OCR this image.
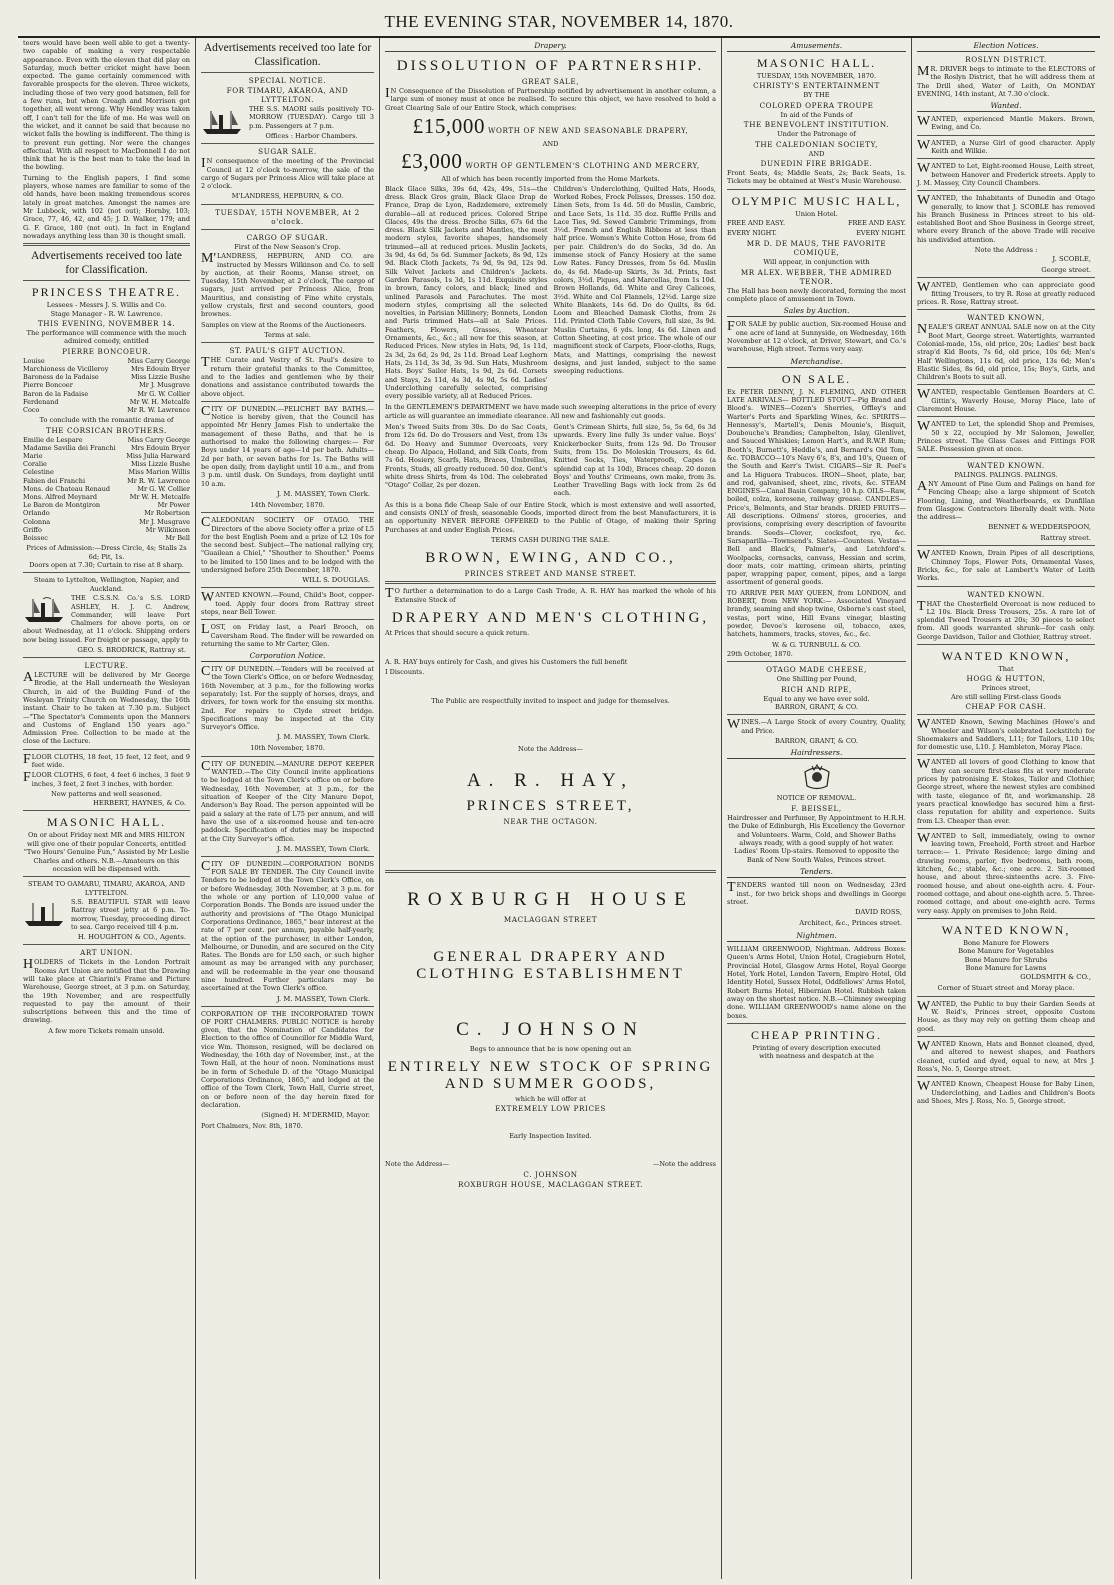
THE EVENING STAR, NOVEMBER 14, 1870.
teers would have been well able to get a twenty-two capable of making a very respectable appearance. Even with the eleven that did play on Saturday, much better cricket might have been expected. The game certainly commenced with favorable prospects for the eleven. Three wickets, including those of two very good batsmen, fell for a few runs, but when Creagh and Morrison got together, all went wrong. Why Hendley was taken off, I can't tell for the life of me. He was well on the wicket, and it cannot be said that because no wicket falls the bowling is indifferent. The thing is to prevent run getting. Nor were the changes effectual. With all respect to MacDonnell I do not think that he is the best man to take the lead in the bowling.
Turning to the English papers, I find some players, whose names are familiar to some of the old hands, have been making tremendous scores lately in great matches. Amongst the names are Mr Lubbock, with 102 (not out); Hornby, 103; Grace, 77, 46, 42, and 45; J. D. Walker, 179; and G. F. Grace, 180 (not out). In fact in England nowadays anything less than 30 is thought small.
Advertisements received too late for Classification.
PRINCESS THEATRE.
Lessees - Messrs J. S. Willis and Co.
Stage Manager - R. W. Lawrence.
THIS EVENING, NOVEMBER 14.
The performance will commence with the much admired comedy, entitled
PIERRE BONCOEUR.
Louise	Miss Carry George
Marchioness de Vicilleroy	Mrs Edouin Bryer
Baroness de la Fadaise	Miss Lizzie Bushe
Pierre Boncoer	Mr J. Musgrave
Baron de la Fadaise	Mr G. W. Collier
Ferdenand	Mr W. H. Metcalfe
Coco	Mr R. W. Lawrence
To conclude with the romantic drama of
THE CORSICAN BROTHERS.
Emilie de Lespare	Miss Carry George
Madame Savilia dei Franchi Mrs Edouin Bryer
Marie	Miss Julia Harward
Coralie	Miss Lizzie Bushe
Celestine	Miss Marion Willis
Fabien dei Franchi	Mr R. W. Lawrence
Mons. de Chateau Renaud	Mr G. W. Collier
Mons. Alfred Meynard	Mr W. H. Metcalfe
Le Baron de Montgiron	Mr Power
Orlando	Mr Robertson
Colonna	Mr J. Musgrave
Griffo	Mr Wilkinson
Boissec	Mr Bell
Prices of Admission:—Dress Circle, 4s; Stalls 2s 6d; Pit, 1s.
Doors open at 7.30; Curtain to rise at 8 sharp.
Steam to Lyttelton, Wellington, Napier, and Auckland.
THE C.S.S.N. Co.'s S.S. LORD ASHLEY, H. J. C. Andrew, Commander, will leave Port Chalmers for above ports, on or about Wednesday, at 11 o'clock. Shipping orders now being issued. For freight or passage, apply to
GEO. S. BRODRICK, Rattray st.
LECTURE.
ALECTURE will be delivered by Mr George Brodie, at the Hall underneath the Wesleyan Church, in aid of the Building Fund of the Wesleyan Trinity Church on Wednesday, the 16th instant. Chair to be taken at 7.30 p.m. Subject—"The Spectator's Comments upon the Manners and Customs of England 150 years ago." Admission Free. Collection to be made at the close of the Lecture.
FLOOR CLOTHS, 18 feet, 15 feet, 12 feet, and 9 feet wide.
FLOOR CLOTHS, 6 feet, 4 feet 6 inches, 3 feet 9 inches, 3 feet, 2 feet 3 inches, with border.
New patterns and well seasoned.
HERBERT, HAYNES, & Co.
MASONIC HALL.
On or about Friday next MR and MRS HILTON will give one of their popular Concerts, entitled "Two Hours' Genuine Fun," Assisted by Mr Leslie Charles and others. N.B.—Amateurs on this occasion will be dispensed with.
STEAM TO OAMARU, TIMARU, AKAROA, AND LYTTELTON.
S.S. BEAUTIFUL STAR will leave Rattray street jetty at 6 p.m. To-morrow, Tuesday, proceeding direct to sea. Cargo received till 4 p.m.
H. HOUGHTON & CO., Agents.
ART UNION.
HOLDERS of Tickets in the London Portrait Rooms Art Union are notified that the Drawing will take place at Chiarini's Frame and Picture Warehouse, George street, at 3 p.m. on Saturday, the 19th November, and are respectfully requested to pay the amount of their subscriptions between this and the time of drawing.
A few more Tickets remain unsold.
Advertisements received too late for Classification.
SPECIAL NOTICE.
FOR TIMARU, AKAROA, AND LYTTELTON.
THE S.S. MAORI sails positively TO-MORROW (TUESDAY). Cargo till 3 p.m. Passengers at 7 p.m.
Offices : Harbor Chambers.
SUGAR SALE.
IN consequence of the meeting of the Provincial Council at 12 o'clock to-morrow, the sale of the cargo of Sugars per Princess Alice will take place at 2 o'clock.
M'LANDRESS, HEPBURN, & CO.
TUESDAY, 15TH NOVEMBER, At 2 o'clock.
CARGO OF SUGAR.
First of the New Season's Crop.
M'LANDRESS, HEPBURN, AND CO. are instructed by Messrs Wilkinson and Co. to sell by auction, at their Rooms, Manse street, on Tuesday, 15th November, at 2 o'clock, The cargo of sugars, just arrived per Princess Alice, from Mauritius, and consisting of Fine white crystals, yellow crystals, first and second counters, good brownes.
Samples on view at the Rooms of the Auctioneers.
Terms at sale.
ST. PAUL'S GIFT AUCTION.
THE Curate and Vestry of St. Paul's desire to return their grateful thanks to the Committee, and to the ladies and gentlemen who by their donations and assistance contributed towards the above object.
CITY OF DUNEDIN.—PELICHET BAY BATHS.—Notice is hereby given, that the Council has appointed Mr Henry James Fish to undertake the management of these Baths, and that he is authorised to make the following charges:— For Boys under 14 years of age—1d per bath. Adults—2d per bath, or seven baths for 1s. The Baths will be open daily, from daylight until 10 a.m., and from 3 p.m. until dusk. On Sundays, from daylight until 10 a.m.
J. M. MASSEY, Town Clerk.
14th November, 1870.
CALEDONIAN SOCIETY OF OTAGO. THE Directors of the above Society offer a prize of L5 for the best English Poem and a prize of L2 10s for the second best. Subject—The national rallying cry, "Guailean a Chiel," "Shouther to Shouther." Poems to be limited to 150 lines and to be lodged with the undersigned before 25th December, 1870.
WILL S. DOUGLAS.
WANTED KNOWN.—Found, Child's Boot, copper-toed. Apply four doors from Rattray street steps, near Bell Tower.
LOST, on Friday last, a Pearl Brooch, on Caversham Road. The finder will be rewarded on returning the same to Mr Carter, Glen.
Corporation Notice.
CITY OF DUNEDIN.—Tenders will be received at the Town Clerk's Office, on or before Wednesday, 16th November, at 3 p.m., for the following works separately; 1st. For the supply of horses, drays, and drivers, for town work for the ensuing six months. 2nd. For repairs to Clyde street bridge. Specifications may be inspected at the City Surveyor's Office.
J. M. MASSEY, Town Clerk.
10th November, 1870.
CITY OF DUNEDIN.—MANURE DEPOT KEEPER WANTED.—The City Council invite applications to be lodged at the Town Clerk's office on or before Wednesday, 16th November, at 3 p.m., for the situation of Keeper of the City Manure Depot, Anderson's Bay Road. The person appointed will be paid a salary at the rate of L75 per annum, and will have the use of a six-roomed house and ten-acre paddock. Specification of duties may be inspected at the City Surveyor's office.
J. M. MASSEY, Town Clerk.
CITY OF DUNEDIN.—CORPORATION BONDS FOR SALE BY TENDER. The City Council invite Tenders to be lodged at the Town Clerk's Office, on or before Wednesday, 30th November, at 3 p.m. for the whole or any portion of L10,000 value of Corporation Bonds. The Bonds are issued under the authority and provisions of "The Otago Municipal Corporations Ordinance, 1865," bear interest at the rate of 7 per cent. per annum, payable half-yearly, at the option of the purchaser, in either London, Melbourne, or Dunedin, and are secured on the City Rates. The Bonds are for L50 each, or such higher amount as may be arranged with any purchaser, and will be redeemable in the year one thousand nine hundred. Further particulars may be ascertained at the Town Clerk's office.
J. M. MASSEY, Town Clerk.
CORPORATION OF THE INCORPORATED TOWN OF PORT CHALMERS. PUBLIC NOTICE is hereby given, that the Nomination of Candidates for Election to the office of Councillor for Middle Ward, vice Wm. Thomson, resigned, will be declared on Wednesday, the 16th day of November, inst., at the Town Hall, at the hour of noon. Nominations must be in form of Schedule D. of the "Otago Municipal Corporations Ordinance, 1865," and lodged at the office of the Town Clerk, Town Hall, Currie street, on or before noon of the day herein fixed for declaration.
(Signed) H. M'DERMID, Mayor.
Port Chalmers, Nov. 8th, 1870.
Drapery.
DISSOLUTION OF PARTNERSHIP.
GREAT SALE,
IN Consequence of the Dissolution of Partnership notified by advertisement in another column, a large sum of money must at once be realised. To secure this object, we have resolved to hold a Great Clearing Sale of our Entire Stock, which comprises:
£15,000 WORTH OF NEW AND SEASONABLE DRAPERY,
AND
£3,000 WORTH OF GENTLEMEN'S CLOTHING AND MERCERY,
All of which has been recently imported from the Home Markets.
Black Glace Silks, 39s 6d, 42s, 49s, 51s—the dress. Black Gros grain, Black Glace Drap de France, Drap de Lyon, Radzdemere, extremely durable—all at reduced prices. Colored Stripe Glaces, 49s the dress. Broche Silks, 67s 6d the dress. Black Silk Jackets and Mantles, the most modern styles, favorite shapes, handsomely trimmed—all at reduced prices. Muslin Jackets, 3s 9d, 4s 6d, 5s 6d. Summer Jackets, 8s 9d, 12s 9d. Black Cloth Jackets, 7s 9d, 9s 9d, 12s 9d. Silk Velvet Jackets and Children's Jackets. Garden Parasols, 1s 3d, 1s 11d. Exquisite styles in brown, fancy colors, and black; lined and unlined Parasols and Parachutes. The most modern styles, comprising all the selected novelties, in Parisian Millinery; Bonnets, London and Paris trimmed Hats—all at Sale Prices. Feathers, Flowers, Grasses, Wheatear Ornaments, &c., &c.; all new for this season, at Reduced Prices. New styles in Hats, 9d, 1s 11d, 2s 3d, 2s 6d, 2s 9d, 2s 11d. Broad Leaf Leghorn Hats, 2s 11d, 3s 3d, 3s 9d. Sun Hats, Mushroom Hats. Boys' Sailor Hats, 1s 9d, 2s 6d. Corsets and Stays, 2s 11d, 4s 3d, 4s 9d, 5s 6d. Ladies' Underclothing carefully selected, comprising every possible variety, all at Reduced Prices.
Children's Underclothing, Quilted Hats, Hoods, Worked Robes, Frock Pelisses, Dresses. 150 doz. Linen Sets, from 1s 4d. 50 do Muslin, Cambric, and Lace Sets, 1s 11d. 35 doz. Ruffle Frills and Lace Ties, 9d. Sewed Cambric Trimmings, from 3½d. French and English Ribbons at less than half price. Women's White Cotton Hose, from 6d per pair. Children's do do Socks, 3d do. An immense stock of Fancy Hosiery at the same Low Rates. Fancy Dresses, from 5s 6d. Muslin do, 4s 6d. Made-up Skirts, 3s 3d. Prints, fast colors, 3½d. Piques, and Marcellas, from 1s 10d. Brown Hollands, 6d. White and Grey Calicoes, 3½d. White and Col Flannels, 12½d. Large size White Blankets, 14s 6d. Do do Quilts, 8s 6d. Loom and Bleached Damask Cloths, from 2s 11d. Printed Cloth Table Covers, full size, 3s 9d. Muslin Curtains, 6 yds. long, 4s 6d. Linen and Cotton Sheeting, at cost price. The whole of our magnificent stock of Carpets, Floor-cloths, Rugs, Mats, and Mattings, comprising the newest designs, and just landed, subject to the same sweeping reductions.
In the GENTLEMEN'S DEPARTMENT we have made such sweeping alterations in the price of every article as will guarantee an immediate clearance. All new and fashionably cut goods.
Men's Tweed Suits from 30s. Do do Sac Coats, from 12s 6d. Do do Trousers and Vest, from 13s 6d. Do Heavy and Summer Overcoats, very cheap. Do Alpaca, Holland, and Silk Coats, from 7s 6d. Hosiery, Scarfs, Hats, Braces, Umbrellas, Fronts, Studs, all greatly reduced. 50 doz. Gent's white dress Shirts, from 4s 10d. The celebrated "Otago" Collar, 2s per dozen.
Gent's Crimean Shirts, full size, 5s, 5s 6d, 6s 3d upwards. Every line fully 3s under value. Boys' Knickerbocker Suits, from 12s 9d. Do Trouser Suits, from 15s. Do Moleskin Trousers, 4s 6d. Knitted Socks, Ties, Waterproofs, Capes (a splendid cap at 1s 10d), Braces cheap. 20 dozen Boys' and Youths' Crimeans, own make, from 3s. Leather Travelling Bags with lock from 2s 6d each.
As this is a bona fide Cheap Sale of our Entire Stock, which is most extensive and well assorted, and consists ONLY of fresh, seasonable Goods, imported direct from the best Manufacturers, it is an opportunity NEVER BEFORE OFFERED to the Public of Otago, of making their Spring Purchases at and under English Prices.
TERMS CASH DURING THE SALE.
BROWN, EWING, AND CO.,
PRINCES STREET AND MANSE STREET.
TO further a determination to do a Large Cash Trade, A. R. HAY has marked the whole of his Extensive Stock of
DRAPERY AND MEN'S CLOTHING,
At Prices that should secure a quick return.
A. R. HAY buys entirely for Cash, and gives his Customers the full benefit
I Discounts.
The Public are respectfully invited to inspect and judge for themselves.
Note the Address—
A. R. HAY,
PRINCES STREET,
NEAR THE OCTAGON.
ROXBURGH HOUSE
MACLAGGAN STREET
GENERAL DRAPERY AND CLOTHING ESTABLISHMENT
C. JOHNSON
Begs to announce that he is now opening out an
ENTIRELY NEW STOCK OF SPRING AND SUMMER GOODS,
which he will offer at
EXTREMELY LOW PRICES
Early Inspection Invited.
Note the Address—	—Note the address
C. JOHNSON
ROXBURGH HOUSE, MACLAGGAN STREET.
Amusements.
MASONIC HALL.
TUESDAY, 15th NOVEMBER, 1870.
CHRISTY'S ENTERTAINMENT
BY THE
COLORED OPERA TROUPE
In aid of the Funds of
THE BENEVOLENT INSTITUTION.
Under the Patronage of
THE CALEDONIAN SOCIETY,
AND
DUNEDIN FIRE BRIGADE.
Front Seats, 4s; Middle Seats, 2s; Back Seats, 1s. Tickets may be obtained at West's Music Warehouse.
OLYMPIC MUSIC HALL,
Union Hotel.
FREE AND EASY.	FREE AND EASY.
EVERY NIGHT.	EVERY NIGHT.
MR D. DE MAUS, THE FAVORITE COMIQUE,
Will appear, in conjunction with
MR ALEX. WEBBER, THE ADMIRED TENOR.
The Hall has been newly decorated, forming the most complete place of amusement in Town.
Sales by Auction.
FOR SALE by public auction, Six-roomed House and one acre of land at Sunnyside, on Wednesday, 16th November at 12 o'clock, at Driver, Stewart, and Co.'s warehouse, High street. Terms very easy.
Merchandise.
ON SALE.
Ex PETER DENNY, J. N. FLEMING, AND OTHER LATE ARRIVALS— BOTTLED STOUT—Pig Brand and Blood's. WINES—Cozen's Sherries, Offley's and Warter's Ports and Sparkling Wines, &c. SPIRITS—Hennessy's, Martell's, Denis Mounie's, Bisquit, Doubouche's Brandies; Campbelton, Islay, Glenlivet, and Sauced Whiskies; Lemon Hart's, and R.W.P. Rum; Booth's, Burnett's, Heddle's, and Bernard's Old Tom, &c. TOBACCO—10's Navy 6's, 8's, and 10's, Queen of the South and Kerr's Twist. CIGARS—Sir R. Peel's and La Higuera Trabucos. IRON—Sheet, plate, bar, and rod, galvanised, sheet, zinc, rivets, &c. STEAM ENGINES—Canal Basin Company, 10 h.p. OILS—Raw, boiled, colza, kerosene, railway grease. CANDLES—Price's, Belmonts, and Star brands. DRIED FRUITS—All descriptions. Oilmens' stores, groceries, and provisions, comprising every description of favourite brands. Seeds—Clover, cocksfoot, rye, &c. Sarsaparilla—Townsend's. Slates—Countess. Vestas—Bell and Black's, Palmer's, and Letchford's. Woolpacks, cornsacks, canvass, Hessian and scrim, door mats, coir matting, crimean shirts, printing paper, wrapping paper, cement, pipes, and a large assortment of general goods.
TO ARRIVE PER MAY QUEEN, from LONDON, and ROBERT, from NEW YORK:— Associated Vineyard brandy, seaming and shop twine, Osborne's cast steel, vestas, port wine, Hill Evans vinegar, blasting powder, Devoe's kerosene oil, tobacco, axes, hatchets, hammers, tracks, stoves, &c., &c.
W. & G. TURNBULL & CO.
29th October, 1870.
OTAGO MADE CHEESE,
One Shilling per Pound,
RICH AND RIPE,
Equal to any we have ever sold.
BARRON, GRANT, & CO.
WINES.—A Large Stock of every Country, Quality, and Price.
BARRON, GRANT, & CO.
Hairdressers.
NOTICE OF REMOVAL.
F. BEISSEL,
Hairdresser and Perfumer, By Appointment to H.R.H. the Duke of Edinburgh, His Excellency the Governor and Volunteers. Warm, Cold, and Shower Baths always ready, with a good supply of hot water. Ladies' Room Up-stairs. Removed to opposite the Bank of New South Wales, Princes street.
Tenders.
TENDERS wanted till noon on Wednesday, 23rd inst., for two brick shops and dwellings in George street.
DAVID ROSS,
Architect, &c., Princes street.
Nightmen.
WILLIAM GREENWOOD, Nightman. Address Boxes: Queen's Arms Hotel, Union Hotel, Cragieburn Hotel, Provincial Hotel, Glasgow Arms Hotel, Royal George Hotel, York Hotel, London Tavern, Empire Hotel, Old Identity Hotel, Sussex Hotel, Oddfellows' Arms Hotel, Robert Burns Hotel, Hibernian Hotel. Rubbish taken away on the shortest notice. N.B.—Chimney sweeping done. WILLIAM GREENWOOD's name alone on the boxes.
CHEAP PRINTING.
Printing of every description executed
with neatness and despatch at the
Election Notices.
ROSLYN DISTRICT.
MR. DRIVER begs to intimate to the ELECTORS of the Roslyn District, that he will address them at The Drill shed, Water of Leith, On MONDAY EVENING, 14th instant, At 7.30 o'clock.
Wanted.
WANTED, experienced Mantle Makers. Brown, Ewing, and Co.
WANTED, a Nurse Girl of good character. Apply Keith and Wilkie.
WANTED to Let, Eight-roomed House, Leith street, between Hanover and Frederick streets. Apply to J. M. Massey, City Council Chambers.
WANTED, the Inhabitants of Dunedin and Otago generally, to know that J. SCOBLE has removed his Branch Business in Princes street to his old-established Boot and Shoe Business in George street, where every Branch of the above Trade will receive his undivided attention.
Note the Address :
J. SCOBLE,
George street.
WANTED, Gentlemen who can appreciate good fitting Trousers, to try R. Rose at greatly reduced prices. R. Rose, Rattray street.
WANTED KNOWN,
NEALE'S GREAT ANNUAL SALE now on at the City Boot Mart, George street. Watertights, warranted Colonial-made, 15s, old price, 20s; Ladies' best back strap'd Kid Boots, 7s 6d, old price, 10s 6d; Men's Half Wellingtons, 11s 6d, old price, 13s 6d; Men's Elastic Sides, 8s 6d, old price, 15s; Boy's, Girls, and Children's Boots to suit all.
WANTED, respectable Gentlemen Boarders at C. Gittin's, Waverly House, Moray Place, late of Claremont House.
WANTED to Let, the splendid Shop and Premises, 50 x 22, occupied by Mr Salomon, Jeweller, Princes street. The Glass Cases and Fittings FOR SALE. Possession given at once.
WANTED KNOWN.
PALINGS. PALINGS. PALINGS.
ANY Amount of Pine Gum and Palings on hand for Fencing Cheap; also a large shipment of Scotch Flooring, Lining, and Weatherboards, ex Dunfillan from Glasgow. Contractors liberally dealt with. Note the address—
BENNET & WEDDERSPOON,
Rattray street.
WANTED Known, Drain Pipes of all descriptions, Chimney Tops, Flower Pots, Ornamental Vases, Bricks, &c., for sale at Lambert's Water of Leith Works.
WANTED KNOWN.
THAT the Chesterfield Overcoat is now reduced to L2 10s. Black Dress Trousers, 25s. A rare lot of splendid Tweed Trousers at 20s; 30 pieces to select from. All goods warranted shrunk—for cash only. George Davidson, Tailor and Clothier, Rattray street.
WANTED KNOWN,
That
HOGG & HUTTON,
Princes street,
Are still selling First-class Goods
CHEAP FOR CASH.
WANTED Known, Sewing Machines (Howe's and Wheeler and Wilson's celebrated Lockstitch) for Shoemakers and Saddlers, L11; for Tailors, L10 10s; for domestic use, L10. J. Hambleton, Moray Place.
WANTED all lovers of good Clothing to know that they can secure first-class fits at very moderate prices by patronising E. Stokes, Tailor and Clothier, George street, where the newest styles are combined with taste, elegance of fit, and workmanship. 28 years practical knowledge has secured him a first-class reputation for ability and experience. Suits from L3. Cheaper than ever.
WANTED to Sell, immediately, owing to owner leaving town, Freehold, Forth street and Harbor terrace:— 1. Private Residence; large dining and drawing rooms, parlor, five bedrooms, bath room, kitchen, &c.; stable, &c.; one acre. 2. Six-roomed house, and about three-sixteenths acre. 3. Five-roomed house, and about one-eighth acre. 4. Four-roomed cottage, and about one-eighth acre. 5. Three-roomed cottage, and about one-eighth acre. Terms very easy. Apply on premises to John Reid.
WANTED KNOWN,
Bone Manure for Flowers
Bone Manure for Vegetables
Bone Manure for Shrubs
Bone Manure for Lawns
GOLDSMITH & CO.,
Corner of Stuart street and Moray place.
WANTED, the Public to buy their Garden Seeds at W. Reid's, Princes street, opposite Custom House, as they may rely on getting them cheap and good.
WANTED Known, Hats and Bonnet cleaned, dyed, and altered to newest shapes, and Feathers cleaned, curled and dyed, equal to new, at Mrs J. Ross's, No. 5, George street.
WANTED Known, Cheapest House for Baby Linen, Underclothing, and Ladies and Children's Boots and Shoes, Mrs J. Ross, No. 5, George street.
